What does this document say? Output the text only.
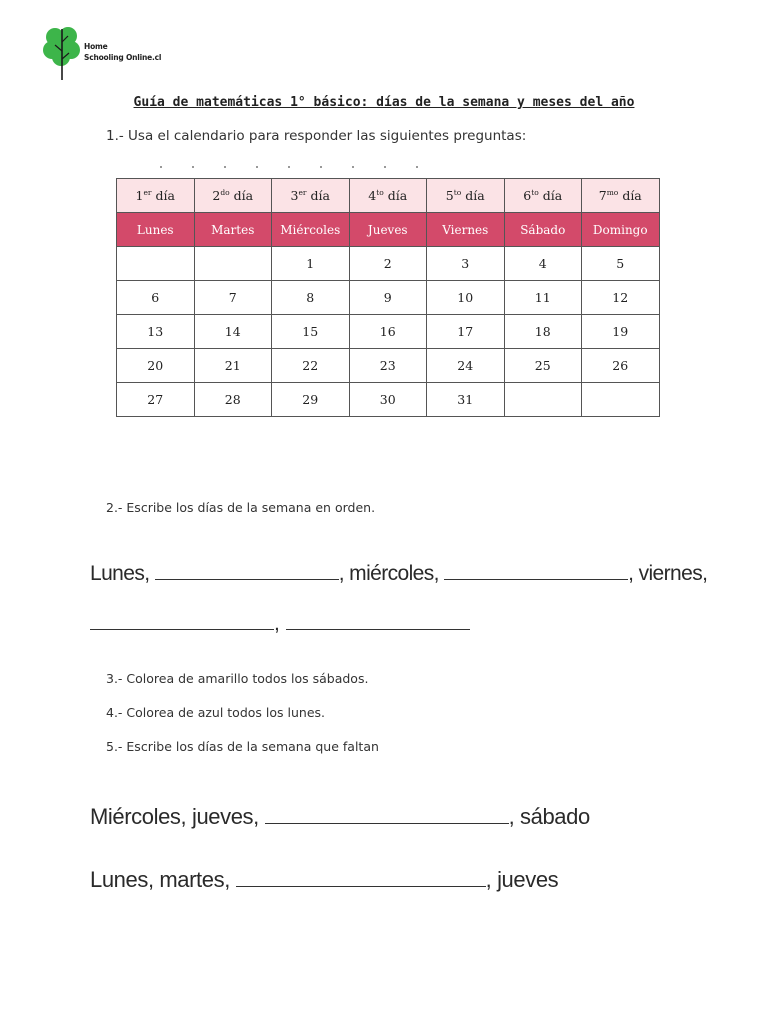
Home
Schooling Online.cl
Guía de matemáticas 1° básico: días de la semana y meses del año
1.- Usa el calendario para responder las siguientes preguntas:
1er día	$2^{do}$ día	3er día	$4^{to}$ día	$5^{to}$ día	$6^{to}$ día	$7^{mo}$ día
Lunes	Martes	Miércoles	Jueves	Viernes	Sábado	Domingo
		1	2	3	4	5
6	7	8	9	10	11	12
13	14	15	16	17	18	19
20	21	22	23	24	25	26
27	28	29	30	31		
2.- Escribe los días de la semana en orden.
Lunes,	, miércoles,	, viernes,
,
3.- Colorea de amarillo todos los sábados.
4.- Colorea de azul todos los lunes.
5.- Escribe los días de la semana que faltan
Miércoles, jueves,	, sábado
Lunes, martes,	, jueves
